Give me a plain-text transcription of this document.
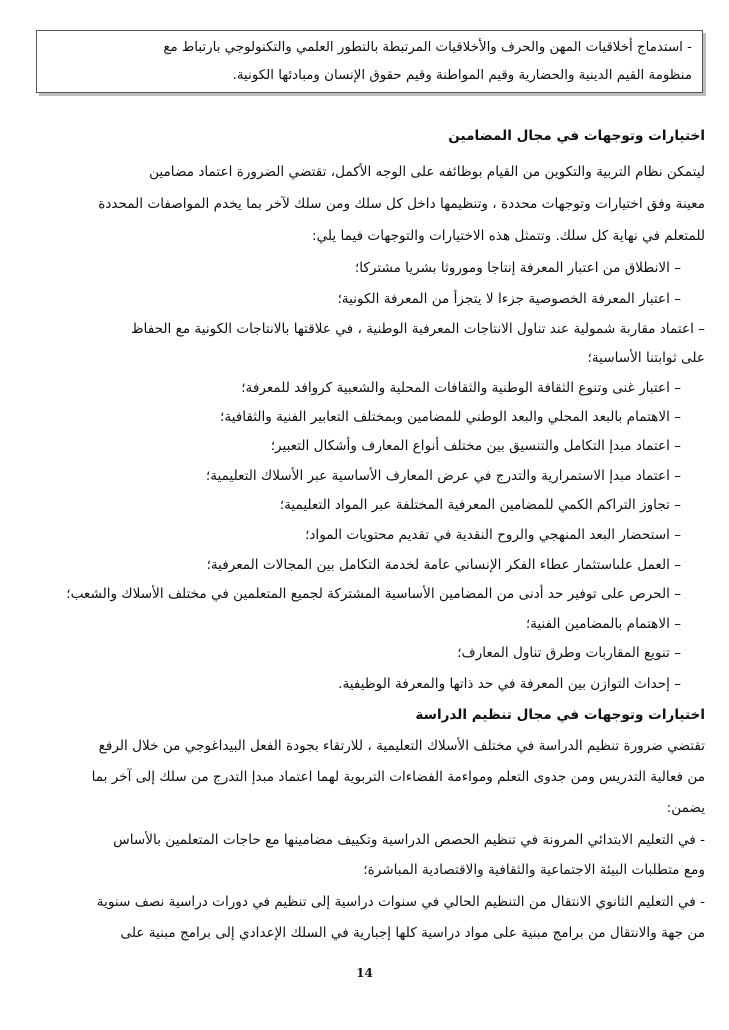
- استدماج أخلاقيات المهن والحرف والأخلاقيات المرتبطة بالتطور العلمي والتكنولوجي بارتباط مع
منظومة القيم الدينية والحضارية وقيم المواطنة وقيم حقوق الإنسان ومبادئها الكونية.
اختيارات وتوجهات في مجال المضامين
ليتمكن نظام التربية والتكوين من القيام بوظائفه على الوجه الأكمل، تقتضي الضرورة اعتماد مضامين
معينة وفق اختيارات وتوجهات محددة ، وتنظيمها داخل كل سلك ومن سلك لآخر بما يخدم المواصفات المحددة
للمتعلم في نهاية كل سلك. وتتمثل هذه الاختيارات والتوجهات فيما يلي:
– الانطلاق من اعتبار المعرفة إنتاجا وموروثا بشريا مشتركا؛
– اعتبار المعرفة الخصوصية جزءا لا يتجزأ من المعرفة الكونية؛
– اعتماد مقاربة شمولية عند تناول الانتاجات المعرفية الوطنية ، في علاقتها بالانتاجات الكونية مع الحفاظ
على ثوابتنا الأساسية؛
– اعتبار غنى وتنوع الثقافة الوطنية والثقافات المحلية والشعبية كروافد للمعرفة؛
– الاهتمام بالبعد المحلي والبعد الوطني للمضامين وبمختلف التعابير الفنية والثقافية؛
– اعتماد مبدإ التكامل والتنسيق بين مختلف أنواع المعارف وأشكال التعبير؛
– اعتماد مبدإ الاستمرارية والتدرج في عرض المعارف الأساسية عبر الأسلاك التعليمية؛
– تجاوز التراكم الكمي للمضامين المعرفية المختلفة عبر المواد التعليمية؛
– استحضار البعد المنهجي والروح النقدية في تقديم محتويات المواد؛
– العمل علىاستثمار عطاء الفكر الإنساني عامة لخدمة التكامل بين المجالات المعرفية؛
– الحرص على توفير حد أدنى من المضامين الأساسية المشتركة لجميع المتعلمين في مختلف الأسلاك والشعب؛
– الاهتمام بالمضامين الفنية؛
– تنويع المقاربات وطرق تناول المعارف؛
– إحداث التوازن بين المعرفة في حد ذاتها والمعرفة الوظيفية.
اختيارات وتوجهات في مجال تنظيم الدراسة
تقتضي ضرورة تنظيم الدراسة في مختلف الأسلاك التعليمية ، للارتقاء بجودة الفعل البيداغوجي من خلال الرفع
من فعالية التدريس ومن جدوى التعلم ومواءمة الفضاءات التربوية لهما اعتماد مبدإ التدرج من سلك إلى آخر بما
يضمن:
- في التعليم الابتدائي المرونة في تنظيم الحصص الدراسية وتكييف مضامينها مع حاجات المتعلمين بالأساس
ومع متطلبات البيئة الاجتماعية والثقافية والاقتصادية المباشرة؛
- في التعليم الثانوي الانتقال من التنظيم الحالي في سنوات دراسية إلى تنظيم في دورات دراسية نصف سنوية
من جهة والانتقال من برامج مبنية على مواد دراسية كلها إجبارية في السلك الإعدادي إلى برامج مبنية على
14
